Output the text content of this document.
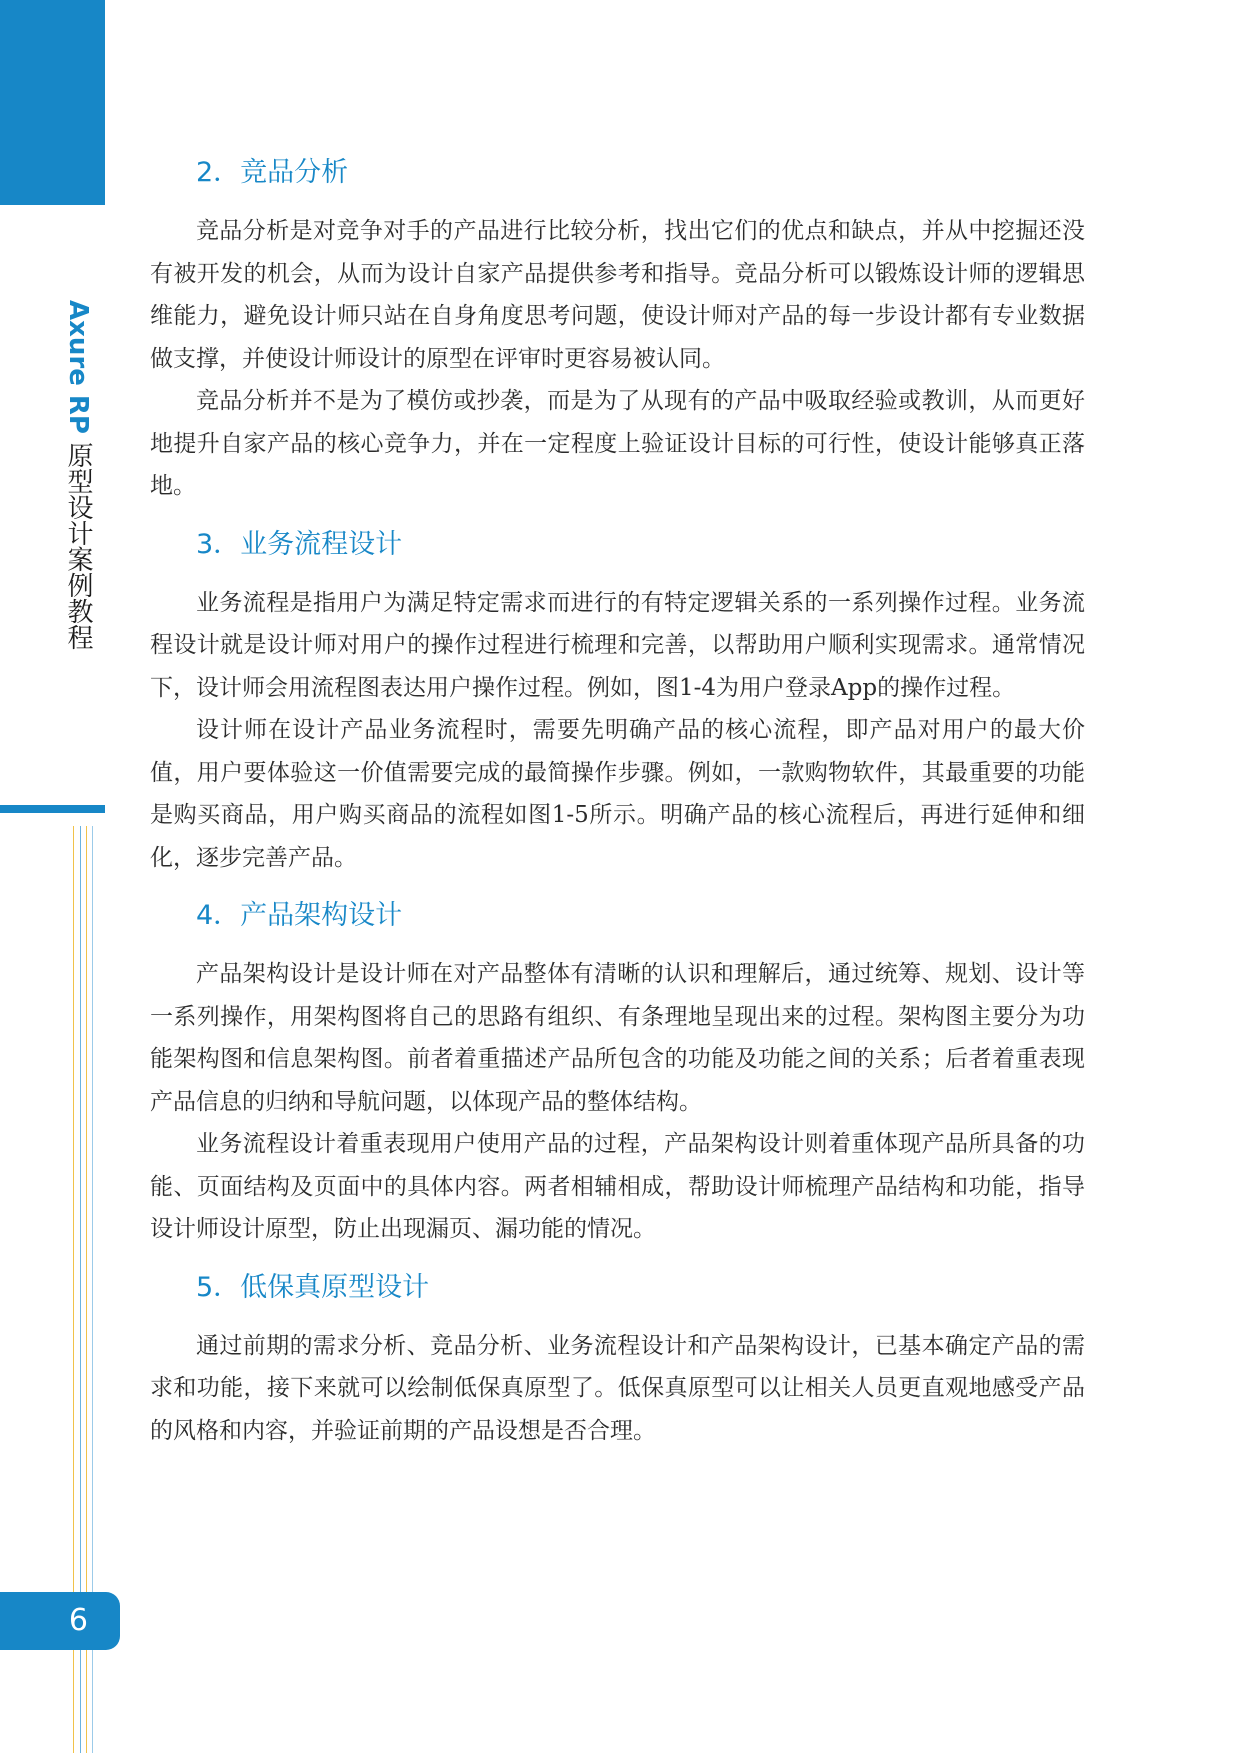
Axure RP 原型设计案例教程
6
2．竞品分析

竞品分析是对竞争对手的产品进行比较分析，找出它们的优点和缺点，并从中挖掘还没有被开发的机会，从而为设计自家产品提供参考和指导。竞品分析可以锻炼设计师的逻辑思维能力，避免设计师只站在自身角度思考问题，使设计师对产品的每一步设计都有专业数据做支撑，并使设计师设计的原型在评审时更容易被认同。

竞品分析并不是为了模仿或抄袭，而是为了从现有的产品中吸取经验或教训，从而更好地提升自家产品的核心竞争力，并在一定程度上验证设计目标的可行性，使设计能够真正落地。

3．业务流程设计

业务流程是指用户为满足特定需求而进行的有特定逻辑关系的一系列操作过程。业务流程设计就是设计师对用户的操作过程进行梳理和完善，以帮助用户顺利实现需求。通常情况下，设计师会用流程图表达用户操作过程。例如，图1-4为用户登录App的操作过程。

设计师在设计产品业务流程时，需要先明确产品的核心流程，即产品对用户的最大价值，用户要体验这一价值需要完成的最简操作步骤。例如，一款购物软件，其最重要的功能是购买商品，用户购买商品的流程如图1-5所示。明确产品的核心流程后，再进行延伸和细化，逐步完善产品。

4．产品架构设计

产品架构设计是设计师在对产品整体有清晰的认识和理解后，通过统筹、规划、设计等一系列操作，用架构图将自己的思路有组织、有条理地呈现出来的过程。架构图主要分为功能架构图和信息架构图。前者着重描述产品所包含的功能及功能之间的关系；后者着重表现产品信息的归纳和导航问题，以体现产品的整体结构。

业务流程设计着重表现用户使用产品的过程，产品架构设计则着重体现产品所具备的功能、页面结构及页面中的具体内容。两者相辅相成，帮助设计师梳理产品结构和功能，指导设计师设计原型，防止出现漏页、漏功能的情况。

5．低保真原型设计

通过前期的需求分析、竞品分析、业务流程设计和产品架构设计，已基本确定产品的需求和功能，接下来就可以绘制低保真原型了。低保真原型可以让相关人员更直观地感受产品的风格和内容，并验证前期的产品设想是否合理。
